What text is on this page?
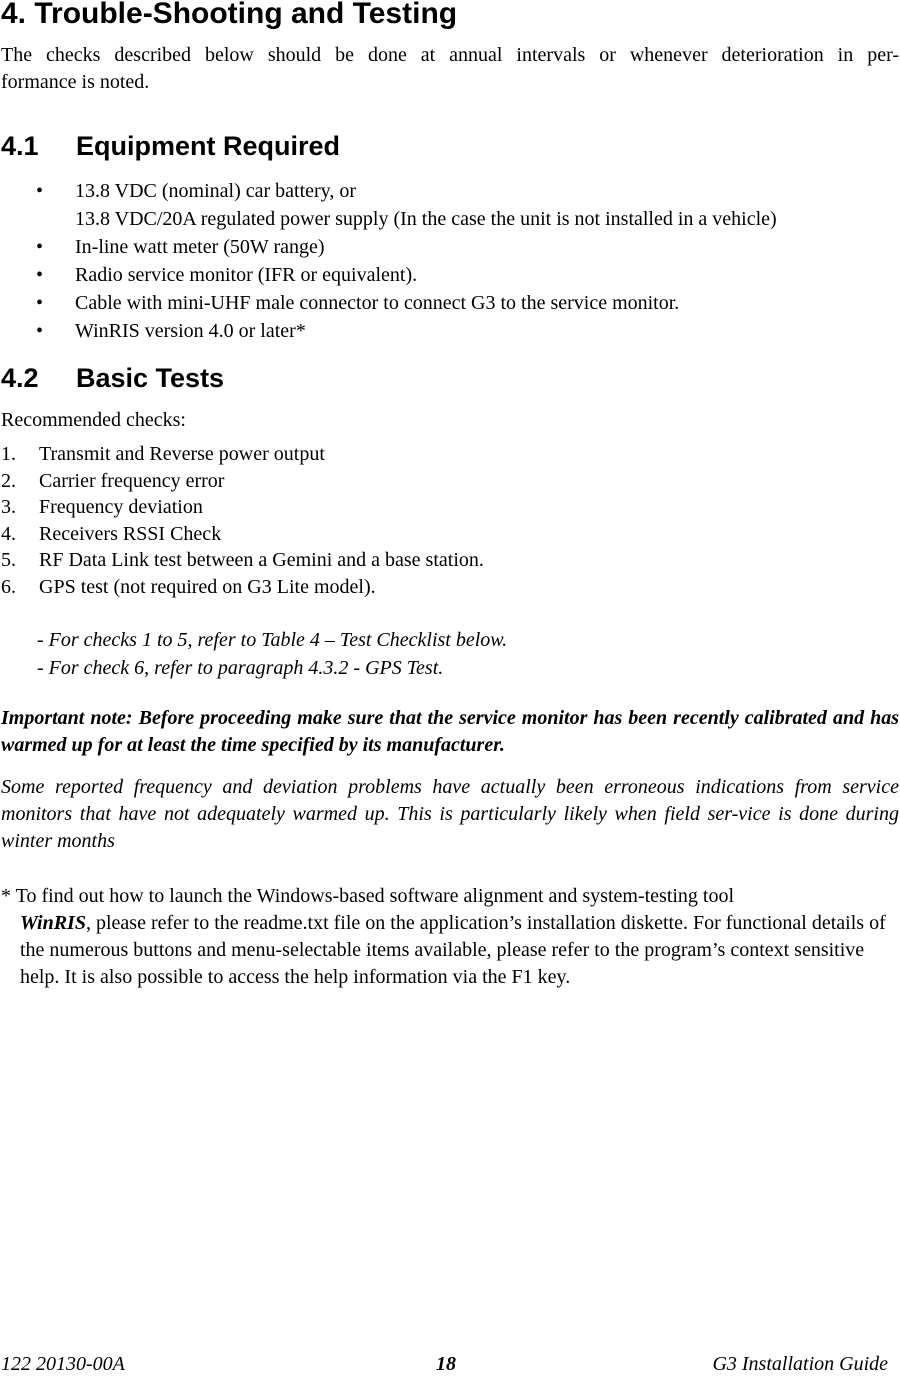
4. Trouble-Shooting and Testing
The checks described below should be done at annual intervals or whenever deterioration in per-
formance is noted.
4.1 Equipment Required
• 13.8 VDC (nominal) car battery, or
13.8 VDC/20A regulated power supply (In the case the unit is not installed in a vehicle)
• In-line watt meter (50W range)
• Radio service monitor (IFR or equivalent).
• Cable with mini-UHF male connector to connect G3 to the service monitor.
• WinRIS version 4.0 or later*
4.2 Basic Tests
Recommended checks:
1. Transmit and Reverse power output
2. Carrier frequency error
3. Frequency deviation
4. Receivers RSSI Check
5. RF Data Link test between a Gemini and a base station.
6. GPS test (not required on G3 Lite model).
- For checks 1 to 5, refer to Table 4 – Test Checklist below.
- For check 6, refer to paragraph 4.3.2 - GPS Test.
Important note: Before proceeding make sure that the service monitor has been recently calibrated and has warmed up for at least the time specified by its manufacturer.
Some reported frequency and deviation problems have actually been erroneous indications from service monitors that have not adequately warmed up. This is particularly likely when field ser-vice is done during winter months
* To find out how to launch the Windows-based software alignment and system-testing tool
WinRIS, please refer to the readme.txt file on the application’s installation diskette. For functional details of the numerous buttons and menu-selectable items available, please refer to the program’s context sensitive help. It is also possible to access the help information via the F1 key.
122 20130-00A	18	G3 Installation Guide
